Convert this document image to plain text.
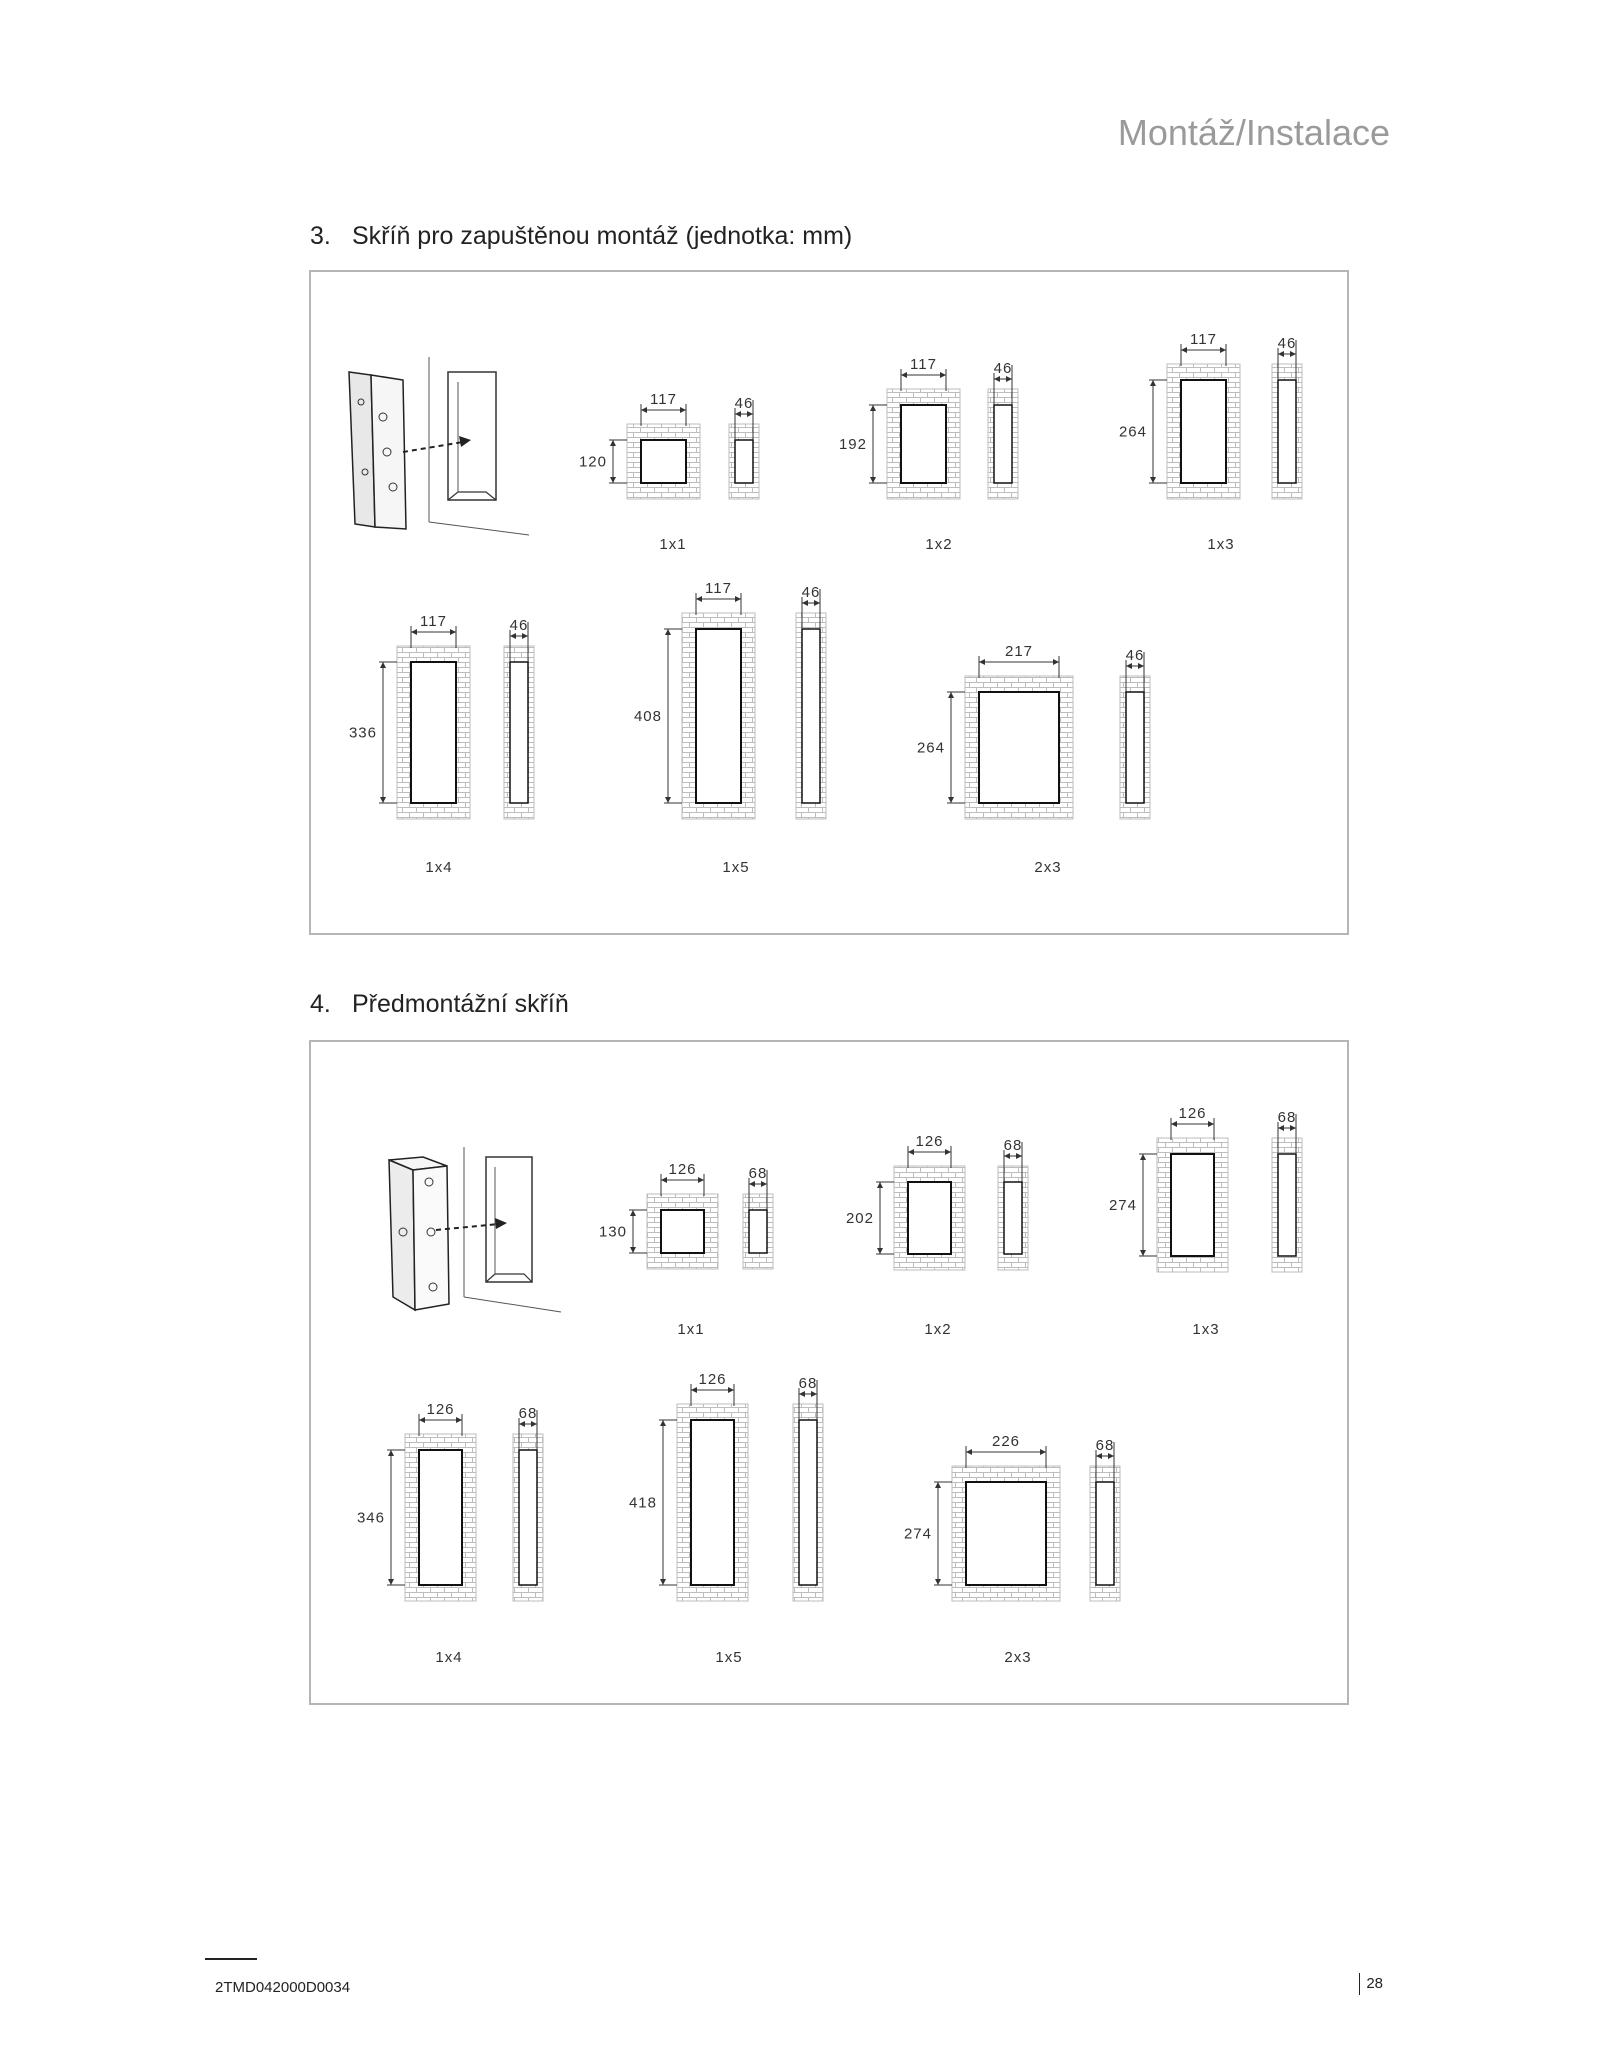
Montáž/Instalace
3. Skříň pro zapuštěnou montáž (jednotka: mm)
117
120
46
1x1
117
192
46
1x2
117
264
46
1x3
117
336
46
1x4
117
408
46
1x5
217
264
46
2x3
4. Předmontážní skříň
126
130
68
1x1
126
202
68
1x2
126
274
68
1x3
126
346
68
1x4
126
418
68
1x5
226
274
68
2x3
2TMD042000D0034	28
